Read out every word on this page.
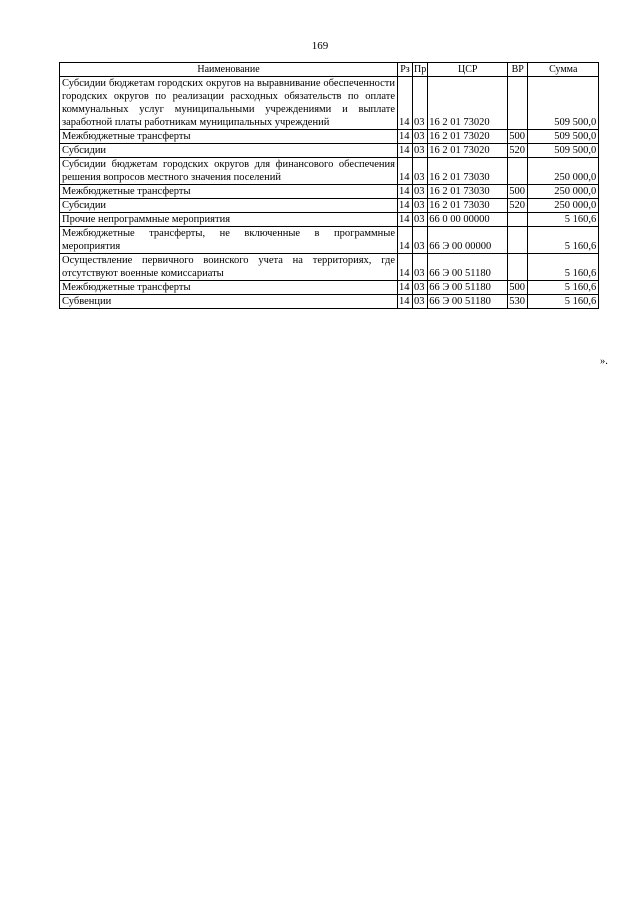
169
Наименование	Рз	Пр	ЦСР	ВР	Сумма
Субсидии бюджетам городских округов на выравнивание обеспеченности городских округов по реализации расходных обязательств по оплате коммунальных услуг муниципальными учреждениями и выплате заработной платы работникам муниципальных учреждений	14	03	16 2 01 73020		509 500,0
Межбюджетные трансферты	14	03	16 2 01 73020	500	509 500,0
Субсидии	14	03	16 2 01 73020	520	509 500,0
Субсидии бюджетам городских округов для финансового обеспечения решения вопросов местного значения поселений	14	03	16 2 01 73030		250 000,0
Межбюджетные трансферты	14	03	16 2 01 73030	500	250 000,0
Субсидии	14	03	16 2 01 73030	520	250 000,0
Прочие непрограммные мероприятия	14	03	66 0 00 00000		5 160,6
Межбюджетные трансферты, не включенные в программные мероприятия	14	03	66 Э 00 00000		5 160,6
Осуществление первичного воинского учета на территориях, где отсутствуют военные комиссариаты	14	03	66 Э 00 51180		5 160,6
Межбюджетные трансферты	14	03	66 Э 00 51180	500	5 160,6
Субвенции	14	03	66 Э 00 51180	530	5 160,6
».
